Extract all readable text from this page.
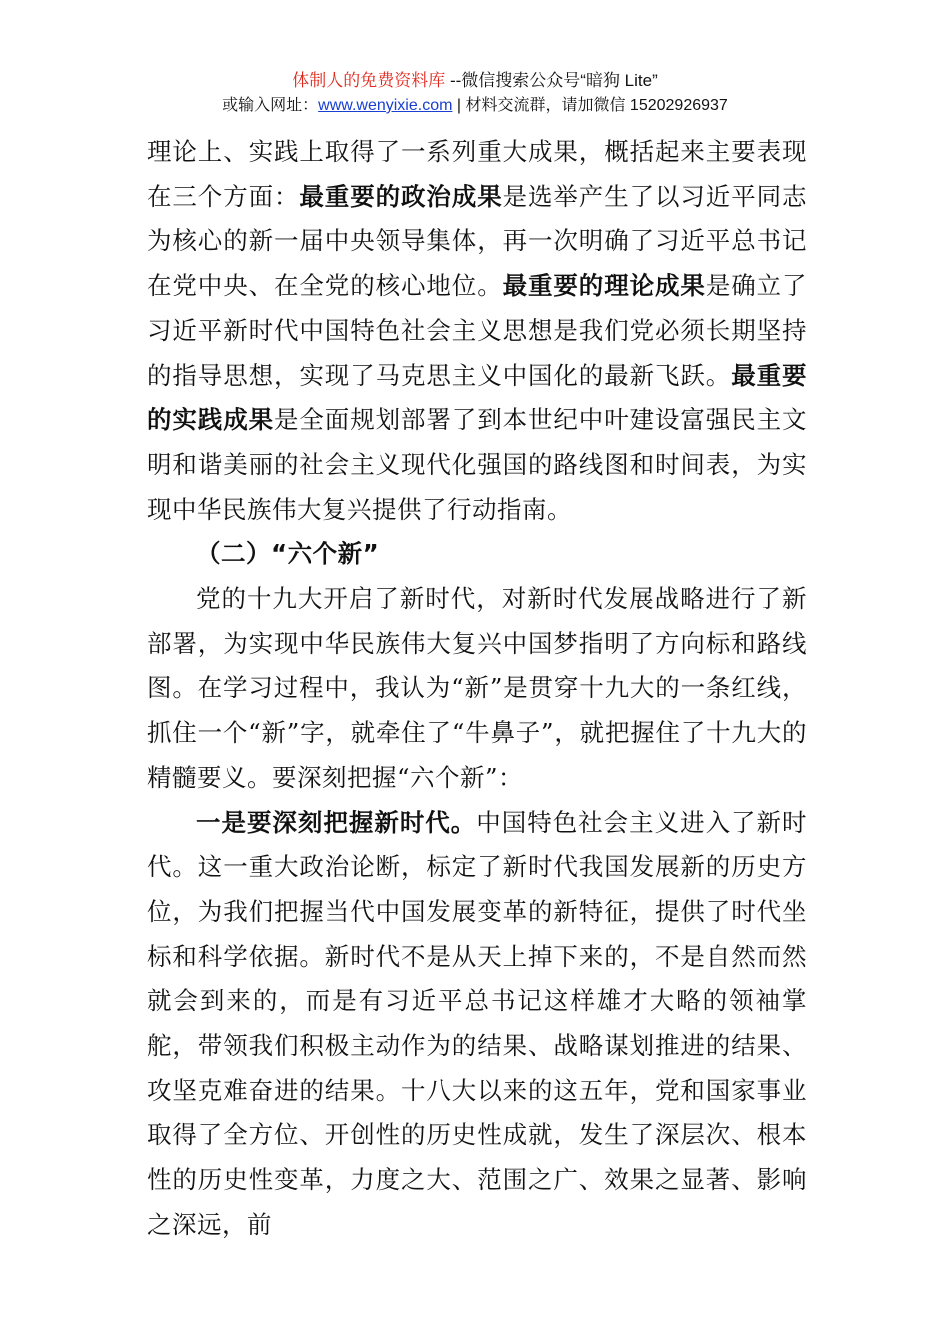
体制人的免费资料库 --微信搜索公众号“暗狗 Lite”
或输入网址：www.wenyixie.com | 材料交流群，请加微信 15202926937

理论上、实践上取得了一系列重大成果，概括起来主要表现在三个方面：最重要的政治成果是选举产生了以习近平同志为核心的新一届中央领导集体，再一次明确了习近平总书记在党中央、在全党的核心地位。最重要的理论成果是确立了习近平新时代中国特色社会主义思想是我们党必须长期坚持的指导思想，实现了马克思主义中国化的最新飞跃。最重要的实践成果是全面规划部署了到本世纪中叶建设富强民主文明和谐美丽的社会主义现代化强国的路线图和时间表，为实现中华民族伟大复兴提供了行动指南。

（二）“六个新”

党的十九大开启了新时代，对新时代发展战略进行了新部署，为实现中华民族伟大复兴中国梦指明了方向标和路线图。在学习过程中，我认为“新”是贯穿十九大的一条红线，抓住一个“新”字，就牵住了“牛鼻子”，就把握住了十九大的精髓要义。要深刻把握“六个新”：

一是要深刻把握新时代。中国特色社会主义进入了新时代。这一重大政治论断，标定了新时代我国发展新的历史方位，为我们把握当代中国发展变革的新特征，提供了时代坐标和科学依据。新时代不是从天上掉下来的，不是自然而然就会到来的，而是有习近平总书记这样雄才大略的领袖掌舵，带领我们积极主动作为的结果、战略谋划推进的结果、攻坚克难奋进的结果。十八大以来的这五年，党和国家事业取得了全方位、开创性的历史性成就，发生了深层次、根本性的历史性变革，力度之大、范围之广、效果之显著、影响之深远，前
